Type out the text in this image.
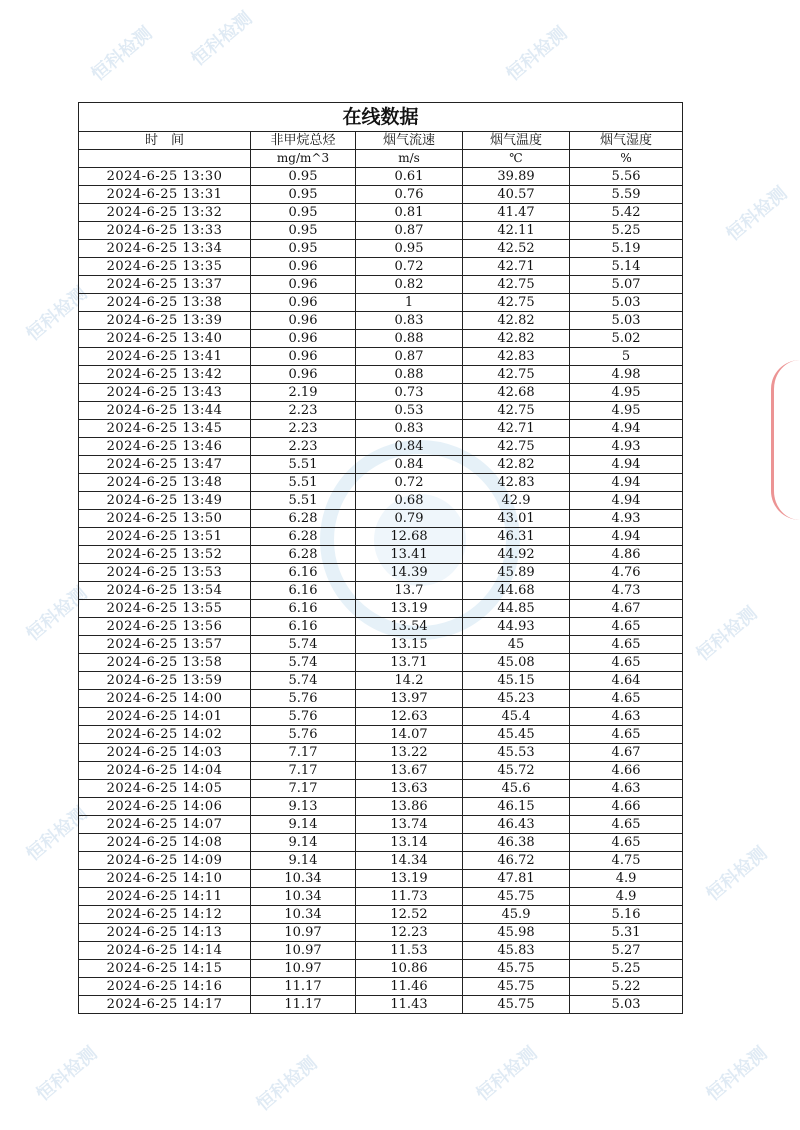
恒科检测 恒科检测	恒科检测
恒科检测
恒科检测
恒科检测	恒科检测
恒科检测
恒科检测
恒科检测	恒科检测	恒科检测	恒科检测
在线数据				
时　间	非甲烷总烃	烟气流速	烟气温度	烟气湿度
	mg/m^3	m/s	℃	%
2024-6-25 13:30	0.95	0.61	39.89	5.56
2024-6-25 13:31	0.95	0.76	40.57	5.59
2024-6-25 13:32	0.95	0.81	41.47	5.42
2024-6-25 13:33	0.95	0.87	42.11	5.25
2024-6-25 13:34	0.95	0.95	42.52	5.19
2024-6-25 13:35	0.96	0.72	42.71	5.14
2024-6-25 13:37	0.96	0.82	42.75	5.07
2024-6-25 13:38	0.96	1	42.75	5.03
2024-6-25 13:39	0.96	0.83	42.82	5.03
2024-6-25 13:40	0.96	0.88	42.82	5.02
2024-6-25 13:41	0.96	0.87	42.83	5
2024-6-25 13:42	0.96	0.88	42.75	4.98
2024-6-25 13:43	2.19	0.73	42.68	4.95
2024-6-25 13:44	2.23	0.53	42.75	4.95
2024-6-25 13:45	2.23	0.83	42.71	4.94
2024-6-25 13:46	2.23	0.84	42.75	4.93
2024-6-25 13:47	5.51	0.84	42.82	4.94
2024-6-25 13:48	5.51	0.72	42.83	4.94
2024-6-25 13:49	5.51	0.68	42.9	4.94
2024-6-25 13:50	6.28	0.79	43.01	4.93
2024-6-25 13:51	6.28	12.68	46.31	4.94
2024-6-25 13:52	6.28	13.41	44.92	4.86
2024-6-25 13:53	6.16	14.39	45.89	4.76
2024-6-25 13:54	6.16	13.7	44.68	4.73
2024-6-25 13:55	6.16	13.19	44.85	4.67
2024-6-25 13:56	6.16	13.54	44.93	4.65
2024-6-25 13:57	5.74	13.15	45	4.65
2024-6-25 13:58	5.74	13.71	45.08	4.65
2024-6-25 13:59	5.74	14.2	45.15	4.64
2024-6-25 14:00	5.76	13.97	45.23	4.65
2024-6-25 14:01	5.76	12.63	45.4	4.63
2024-6-25 14:02	5.76	14.07	45.45	4.65
2024-6-25 14:03	7.17	13.22	45.53	4.67
2024-6-25 14:04	7.17	13.67	45.72	4.66
2024-6-25 14:05	7.17	13.63	45.6	4.63
2024-6-25 14:06	9.13	13.86	46.15	4.66
2024-6-25 14:07	9.14	13.74	46.43	4.65
2024-6-25 14:08	9.14	13.14	46.38	4.65
2024-6-25 14:09	9.14	14.34	46.72	4.75
2024-6-25 14:10	10.34	13.19	47.81	4.9
2024-6-25 14:11	10.34	11.73	45.75	4.9
2024-6-25 14:12	10.34	12.52	45.9	5.16
2024-6-25 14:13	10.97	12.23	45.98	5.31
2024-6-25 14:14	10.97	11.53	45.83	5.27
2024-6-25 14:15	10.97	10.86	45.75	5.25
2024-6-25 14:16	11.17	11.46	45.75	5.22
2024-6-25 14:17	11.17	11.43	45.75	5.03
